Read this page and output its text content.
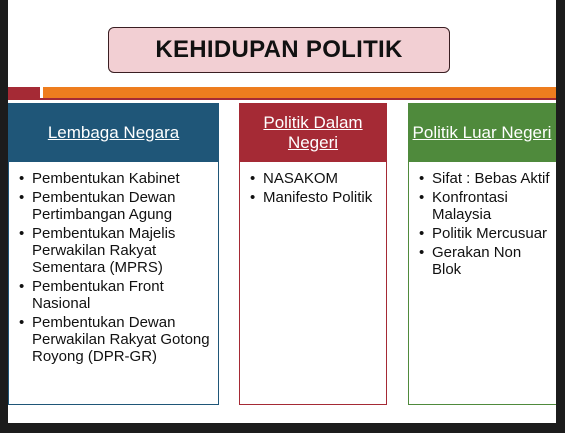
KEHIDUPAN POLITIK
Lembaga Negara
• Pembentukan Kabinet
• Pembentukan Dewan Pertimbangan Agung
• Pembentukan Majelis Perwakilan Rakyat Sementara (MPRS)
• Pembentukan Front Nasional
• Pembentukan Dewan Perwakilan Rakyat Gotong Royong (DPR-GR)
Politik Dalam Negeri
• NASAKOM
• Manifesto Politik
Politik Luar Negeri
• Sifat : Bebas Aktif
• Konfrontasi Malaysia
• Politik Mercusuar
• Gerakan Non Blok
